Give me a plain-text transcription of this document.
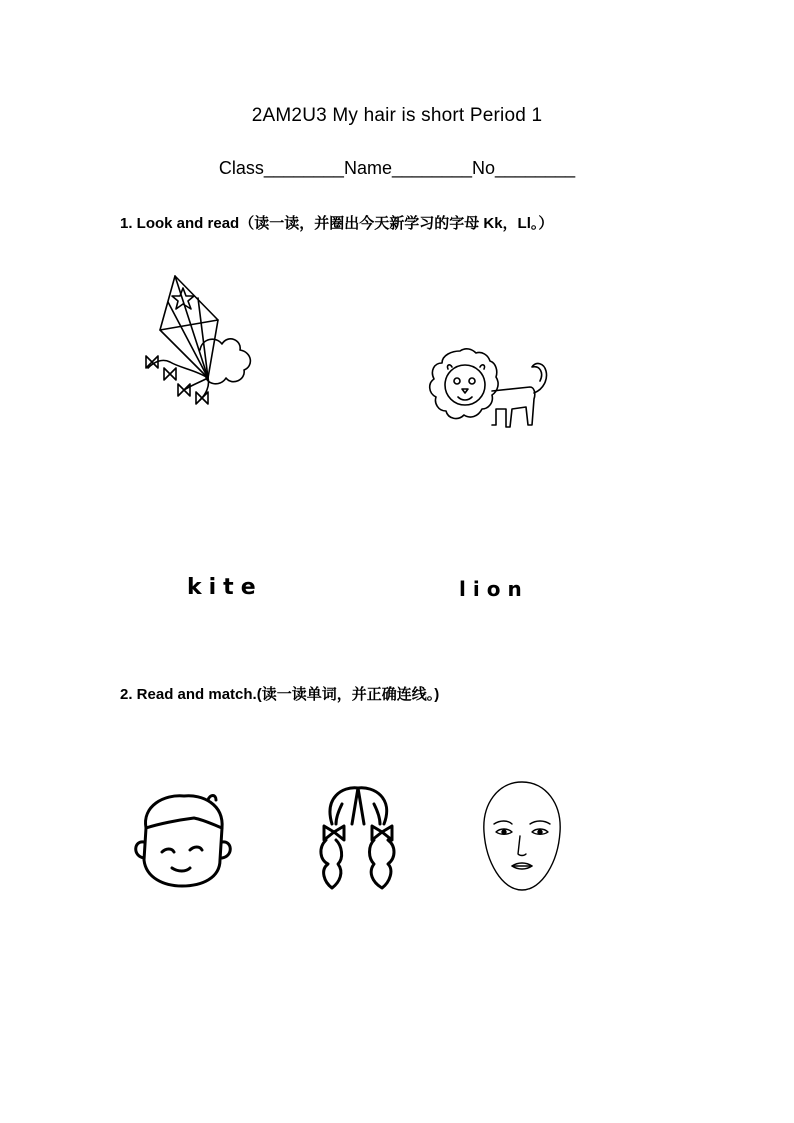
2AM2U3 My hair is short Period 1
Class________Name________No________
1. Look and read（读一读，并圈出今天新学习的字母 Kk，Ll。）
kite	lion
2. Read and match.(读一读单词，并正确连线。)
